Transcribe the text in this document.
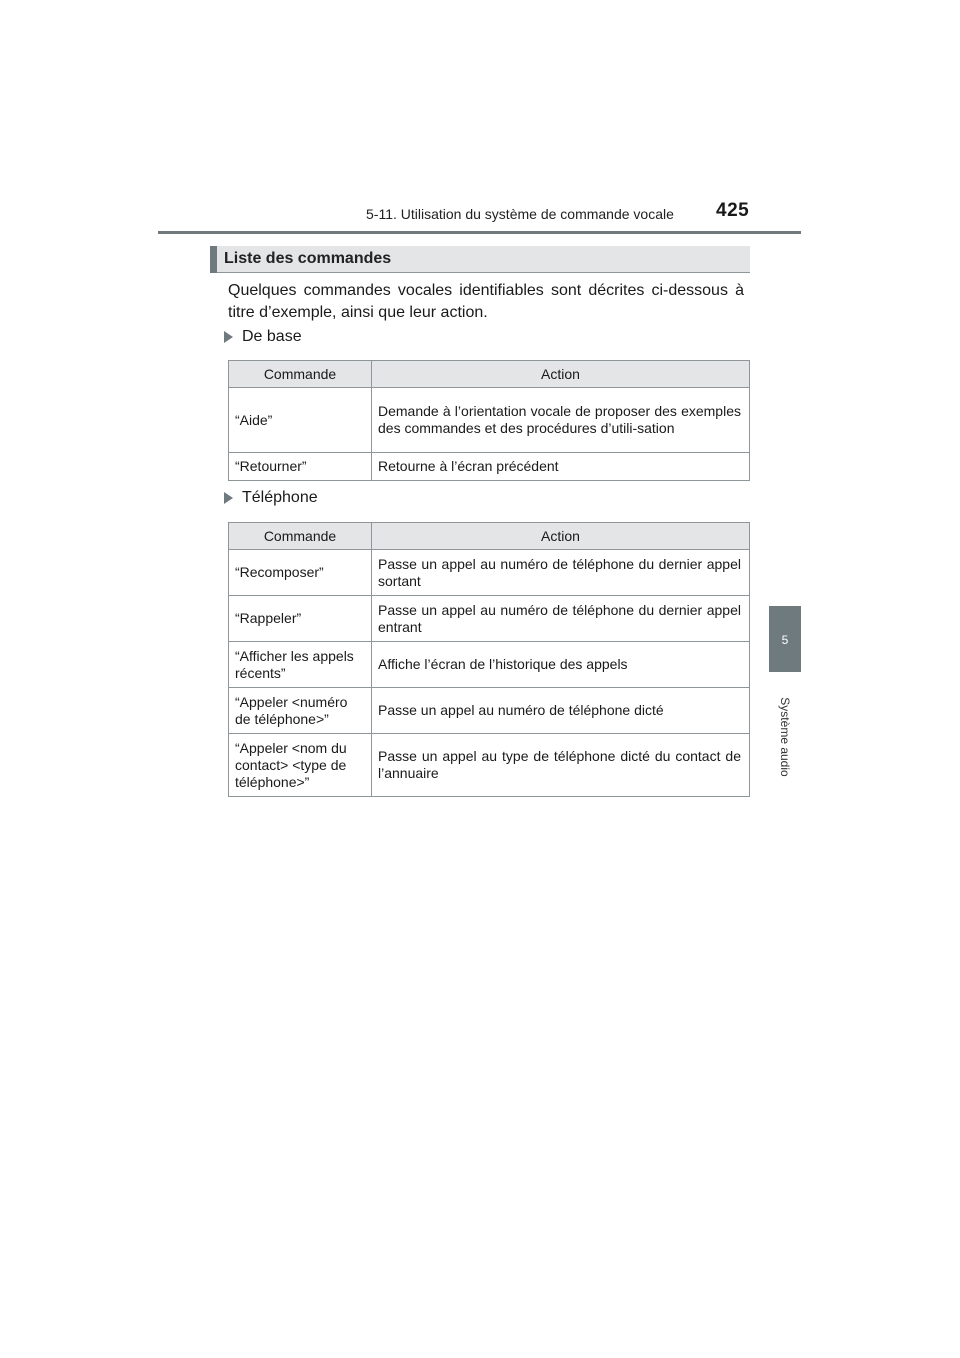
5-11. Utilisation du système de commande vocale 425
5
Système audio
Liste des commandes
Quelques commandes vocales identifiables sont décrites ci-dessous à titre d’exemple, ainsi que leur action.
De base
Commande	Action
“Aide”	Demande à l’orientation vocale de proposer des exemples des commandes et des procédures d’utili-sation
“Retourner”	Retourne à l’écran précédent
Téléphone
Commande	Action
“Recomposer”	Passe un appel au numéro de téléphone du dernier appel sortant
“Rappeler”	Passe un appel au numéro de téléphone du dernier appel entrant
“Afficher les appels récents”	Affiche l’écran de l’historique des appels
“Appeler <numéro de téléphone>”	Passe un appel au numéro de téléphone dicté
“Appeler <nom du contact> <type de téléphone>”	Passe un appel au type de téléphone dicté du contact de l’annuaire
